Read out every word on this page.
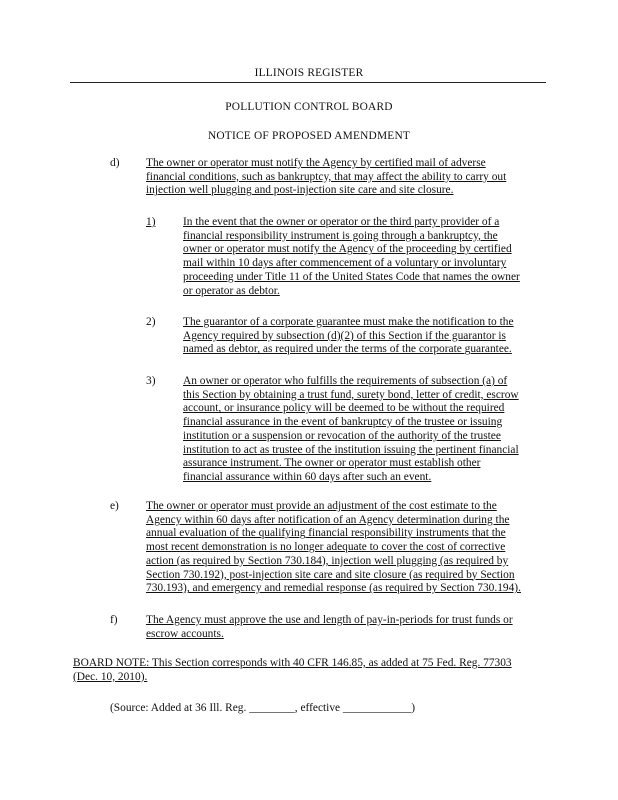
ILLINOIS REGISTER
POLLUTION CONTROL BOARD
NOTICE OF PROPOSED AMENDMENT
d) The owner or operator must notify the Agency by certified mail of adverse
financial conditions, such as bankruptcy, that may affect the ability to carry out
injection well plugging and post-injection site care and site closure.
1) In the event that the owner or operator or the third party provider of a
financial responsibility instrument is going through a bankruptcy, the
owner or operator must notify the Agency of the proceeding by certified
mail within 10 days after commencement of a voluntary or involuntary
proceeding under Title 11 of the United States Code that names the owner
or operator as debtor.
2) The guarantor of a corporate guarantee must make the notification to the
Agency required by subsection (d)(2) of this Section if the guarantor is
named as debtor, as required under the terms of the corporate guarantee.
3) An owner or operator who fulfills the requirements of subsection (a) of
this Section by obtaining a trust fund, surety bond, letter of credit, escrow
account, or insurance policy will be deemed to be without the required
financial assurance in the event of bankruptcy of the trustee or issuing
institution or a suspension or revocation of the authority of the trustee
institution to act as trustee of the institution issuing the pertinent financial
assurance instrument. The owner or operator must establish other
financial assurance within 60 days after such an event.
e) The owner or operator must provide an adjustment of the cost estimate to the
Agency within 60 days after notification of an Agency determination during the
annual evaluation of the qualifying financial responsibility instruments that the
most recent demonstration is no longer adequate to cover the cost of corrective
action (as required by Section 730.184), injection well plugging (as required by
Section 730.192), post-injection site care and site closure (as required by Section
730.193), and emergency and remedial response (as required by Section 730.194).
f) The Agency must approve the use and length of pay-in-periods for trust funds or
escrow accounts.
BOARD NOTE: This Section corresponds with 40 CFR 146.85, as added at 75 Fed. Reg. 77303
(Dec. 10, 2010).
(Source: Added at 36 Ill. Reg. ________, effective ____________)
